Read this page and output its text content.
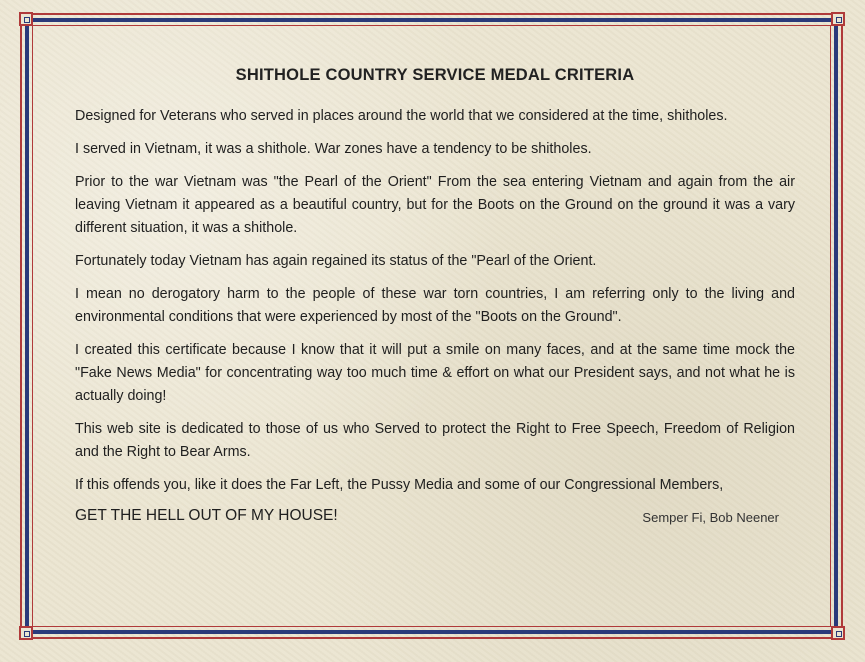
SHITHOLE COUNTRY SERVICE MEDAL CRITERIA

Designed for Veterans who served in places around the world that we considered at the time, shitholes.

I served in Vietnam, it was a shithole. War zones have a tendency to be shitholes.

Prior to the war Vietnam was "the Pearl of the Orient" From the sea entering Vietnam and again from the air leaving Vietnam it appeared as a beautiful country, but for the Boots on the Ground on the ground it was a vary different situation, it was a shithole.

Fortunately today Vietnam has again regained its status of the "Pearl of the Orient.

I mean no derogatory harm to the people of these war torn countries, I am referring only to the living and environmental conditions that were experienced by most of the "Boots on the Ground".

I created this certificate because I know that it will put a smile on many faces, and at the same time mock the "Fake News Media" for concentrating way too much time & effort on what our President says, and not what he is actually doing!

This web site is dedicated to those of us who Served to protect the Right to Free Speech, Freedom of Religion and the Right to Bear Arms.

If this offends you, like it does the Far Left, the Pussy Media and some of our Congressional Members,

GET THE HELL OUT OF MY HOUSE!	Semper Fi, Bob Neener
